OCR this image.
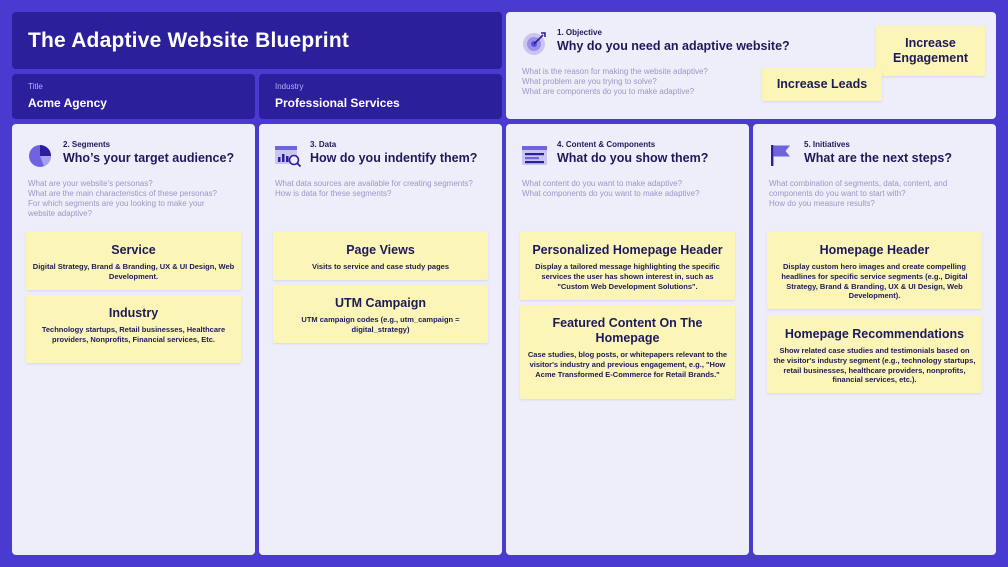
The Adaptive Website Blueprint
Title
Acme Agency
Industry
Professional Services
1. Objective
Why do you need an adaptive website?
What is the reason for making the website adaptive?
What problem are you trying to solve?
What are components do you to make adaptive?
Increase Engagement
Increase Leads
2. Segments
Who’s your target audience?
What are your website's personas?
What are the main characteristics of these personas?
For which segments are you looking to make your
website adaptive?
Service
Digital Strategy, Brand & Branding, UX & UI Design, Web Development.
Industry
Technology startups, Retail businesses, Healthcare providers, Nonprofits, Financial services, Etc.
3. Data
How do you indentify them?
What data sources are available for creating segments?
How is data for these segments?
Page Views
Visits to service and case study pages
UTM Campaign
UTM campaign codes (e.g., utm_campaign = digital_strategy)
4. Content & Components
What do you show them?
What content do you want to make adaptive?
What components do you want to make adaptive?
Personalized Homepage Header
Display a tailored message highlighting the specific services the user has shown interest in, such as "Custom Web Development Solutions".
Featured Content On The Homepage
Case studies, blog posts, or whitepapers relevant to the visitor's industry and previous engagement, e.g., "How Acme Transformed E-Commerce for Retail Brands."
5. Initiatives
What are the next steps?
What combination of segments, data, content, and
components do you want to start with?
How do you measure results?
Homepage Header
Display custom hero images and create compelling headlines for specific service segments (e.g., Digital Strategy, Brand & Branding, UX & UI Design, Web Development).
Homepage Recommendations
Show related case studies and testimonials based on the visitor's industry segment (e.g., technology startups, retail businesses, healthcare providers, nonprofits, financial services, etc.).
